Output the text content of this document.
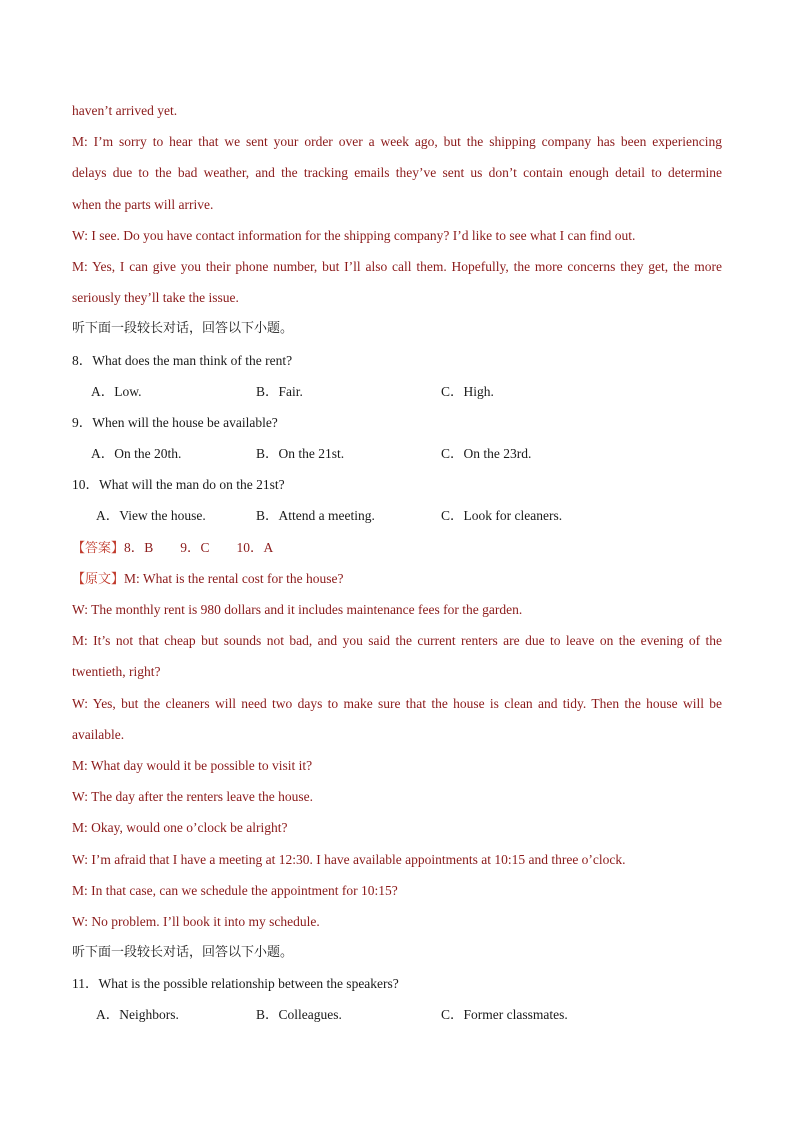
haven’t arrived yet.
M: I’m sorry to hear that we sent your order over a week ago, but the shipping company has been experiencing
delays due to the bad weather, and the tracking emails they’ve sent us don’t contain enough detail to determine
when the parts will arrive.
W: I see. Do you have contact information for the shipping company? I’d like to see what I can find out.
M: Yes, I can give you their phone number, but I’ll also call them. Hopefully, the more concerns they get, the more
seriously they’ll take the issue.
听下面一段较长对话，回答以下小题。
8．What does the man think of the rent?
A．Low.	B．Fair.	C．High.
9．When will the house be available?
A．On the 20th.	B．On the 21st.	C．On the 23rd.
10．What will the man do on the 21st?
A．View the house.	B．Attend a meeting.	C．Look for cleaners.
【答案】8．B        9．C        10．A
【原文】M: What is the rental cost for the house?
W: The monthly rent is 980 dollars and it includes maintenance fees for the garden.
M: It’s not that cheap but sounds not bad, and you said the current renters are due to leave on the evening of the
twentieth, right?
W: Yes, but the cleaners will need two days to make sure that the house is clean and tidy. Then the house will be
available.
M: What day would it be possible to visit it?
W: The day after the renters leave the house.
M: Okay, would one o’clock be alright?
W: I’m afraid that I have a meeting at 12:30. I have available appointments at 10:15 and three o’clock.
M: In that case, can we schedule the appointment for 10:15?
W: No problem. I’ll book it into my schedule.
听下面一段较长对话，回答以下小题。
11．What is the possible relationship between the speakers?
A．Neighbors.	B．Colleagues.	C．Former classmates.
